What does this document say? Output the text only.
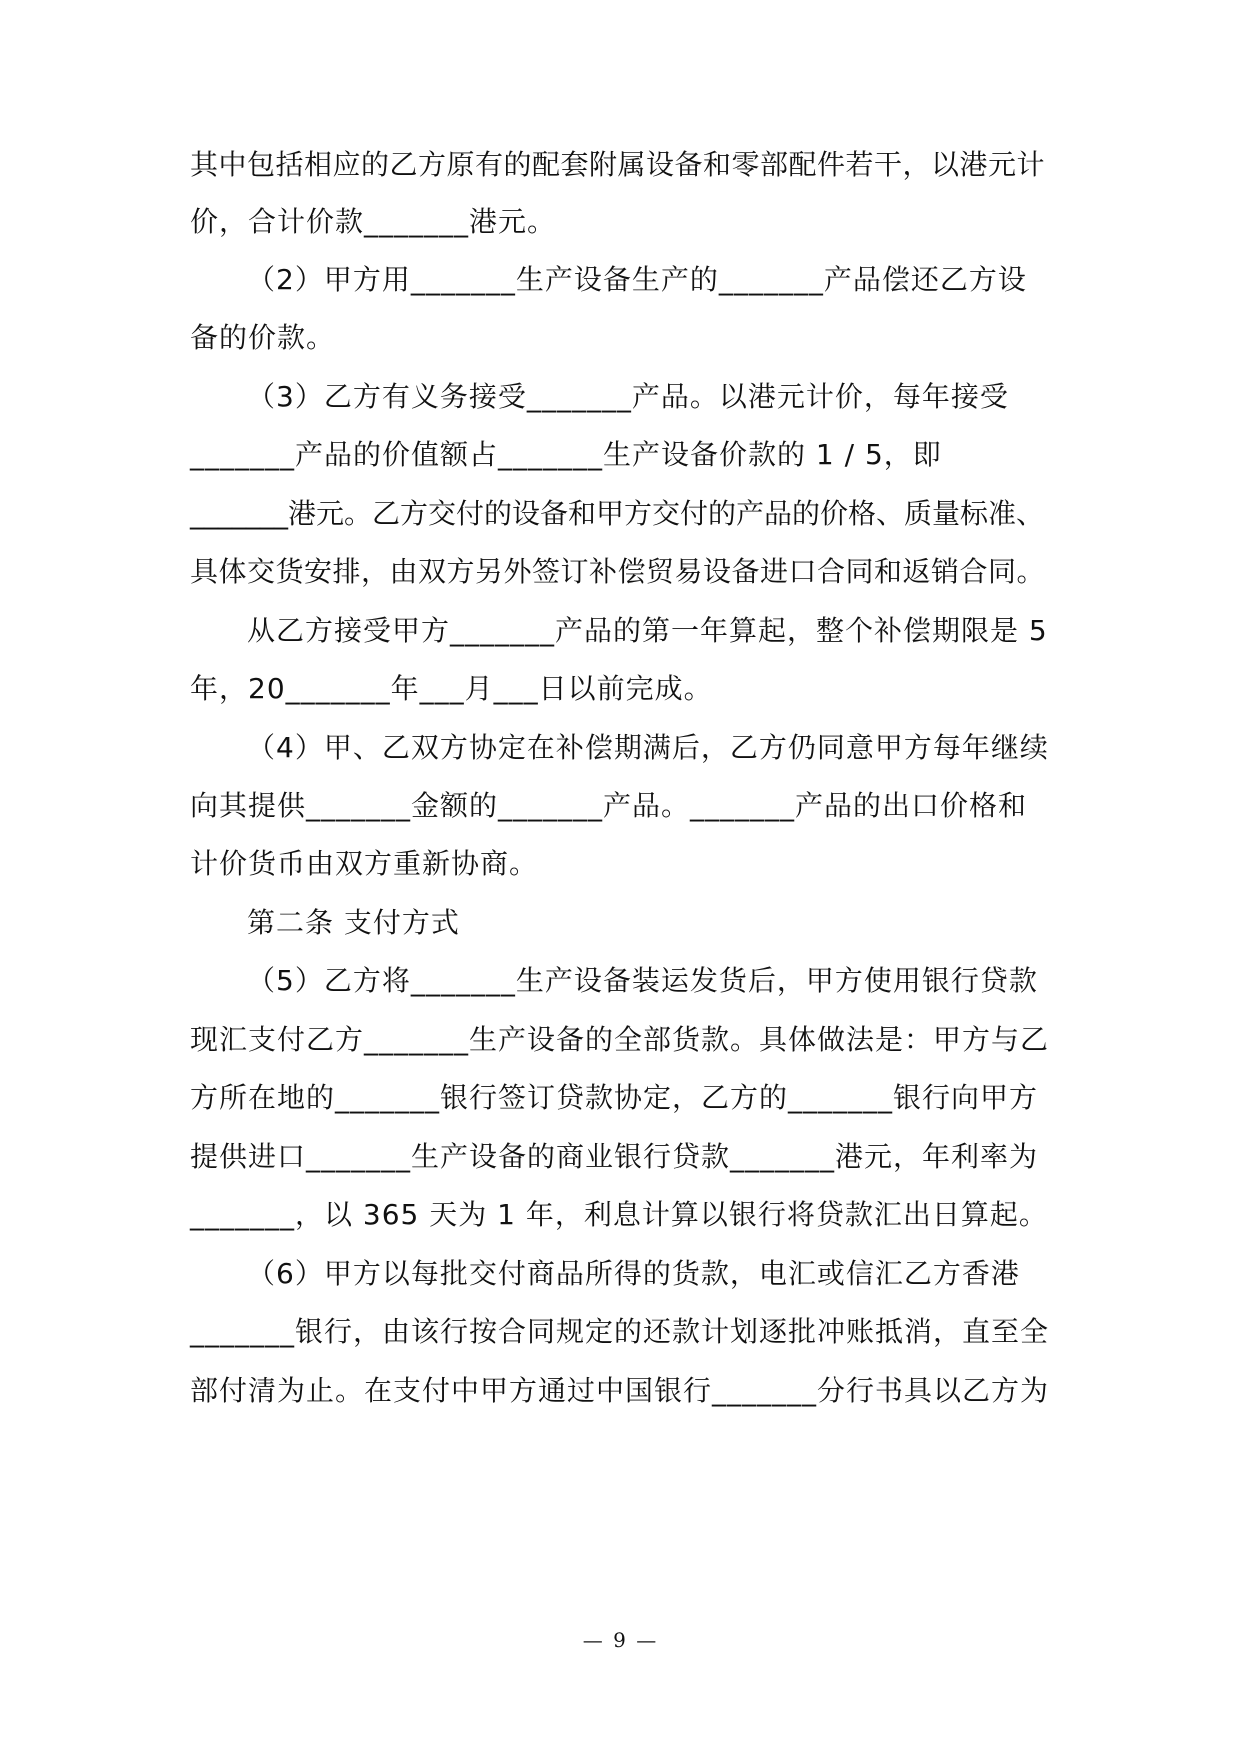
其中包括相应的乙方原有的配套附属设备和零部配件若干，以港元计
价，合计价款_______港元。
（2）甲方用_______生产设备生产的_______产品偿还乙方设
备的价款。
（3）乙方有义务接受_______产品。以港元计价，每年接受
_______产品的价值额占_______生产设备价款的 1 / 5，即
_______港元。乙方交付的设备和甲方交付的产品的价格、质量标准、
具体交货安排，由双方另外签订补偿贸易设备进口合同和返销合同。
从乙方接受甲方_______产品的第一年算起，整个补偿期限是 5
年，20_______年___月___日以前完成。
（4）甲、乙双方协定在补偿期满后，乙方仍同意甲方每年继续
向其提供_______金额的_______产品。_______产品的出口价格和
计价货币由双方重新协商。
第二条 支付方式
（5）乙方将_______生产设备装运发货后，甲方使用银行贷款
现汇支付乙方_______生产设备的全部货款。具体做法是：甲方与乙
方所在地的_______银行签订贷款协定，乙方的_______银行向甲方
提供进口_______生产设备的商业银行贷款_______港元，年利率为
_______，以 365 天为 1 年，利息计算以银行将贷款汇出日算起。
（6）甲方以每批交付商品所得的货款，电汇或信汇乙方香港
_______银行，由该行按合同规定的还款计划逐批冲账抵消，直至全
部付清为止。在支付中甲方通过中国银行_______分行书具以乙方为
— 9 —
